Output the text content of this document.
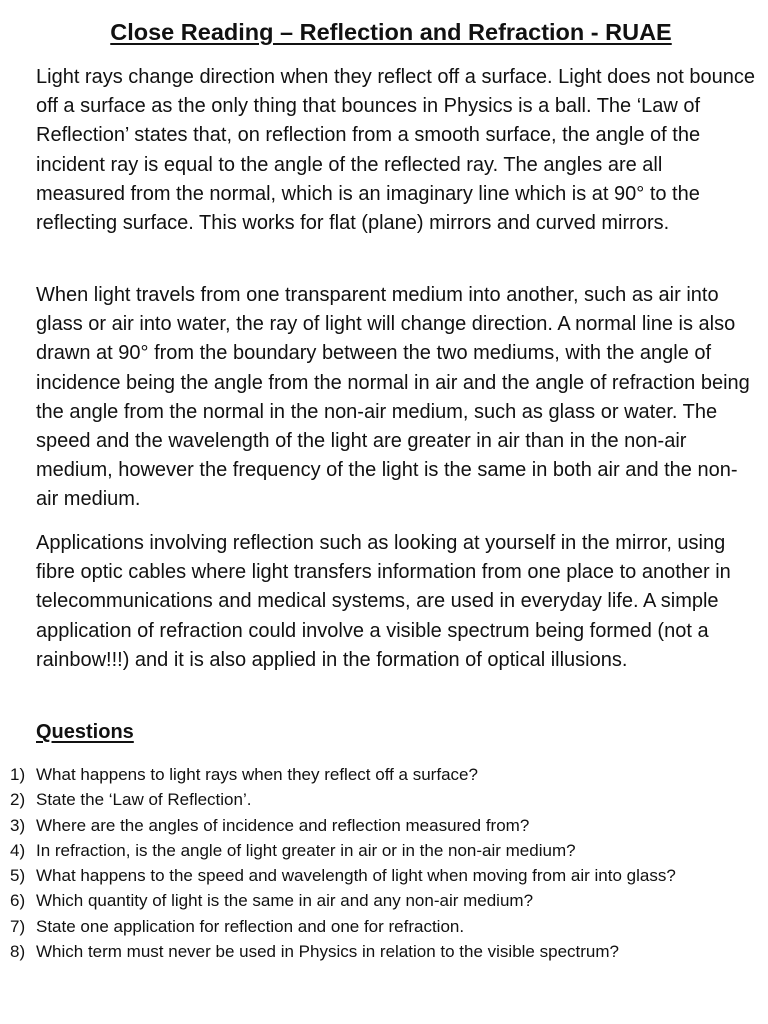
Close Reading – Reflection and Refraction - RUAE

Light rays change direction when they reflect off a surface. Light does not bounce off a surface as the only thing that bounces in Physics is a ball. The ‘Law of Reflection’ states that, on reflection from a smooth surface, the angle of the incident ray is equal to the angle of the reflected ray. The angles are all measured from the normal, which is an imaginary line which is at 90° to the reflecting surface. This works for flat (plane) mirrors and curved mirrors.

When light travels from one transparent medium into another, such as air into glass or air into water, the ray of light will change direction. A normal line is also drawn at 90° from the boundary between the two mediums, with the angle of incidence being the angle from the normal in air and the angle of refraction being the angle from the normal in the non-air medium, such as glass or water. The speed and the wavelength of the light are greater in air than in the non-air medium, however the frequency of the light is the same in both air and the non-air medium.

Applications involving reflection such as looking at yourself in the mirror, using fibre optic cables where light transfers information from one place to another in telecommunications and medical systems, are used in everyday life. A simple application of refraction could involve a visible spectrum being formed (not a rainbow!!!) and it is also applied in the formation of optical illusions.

Questions
1) What happens to light rays when they reflect off a surface?
2) State the ‘Law of Reflection’.
3) Where are the angles of incidence and reflection measured from?
4) In refraction, is the angle of light greater in air or in the non-air medium?
5) What happens to the speed and wavelength of light when moving from air into glass?
6) Which quantity of light is the same in air and any non-air medium?
7) State one application for reflection and one for refraction.
8) Which term must never be used in Physics in relation to the visible spectrum?
